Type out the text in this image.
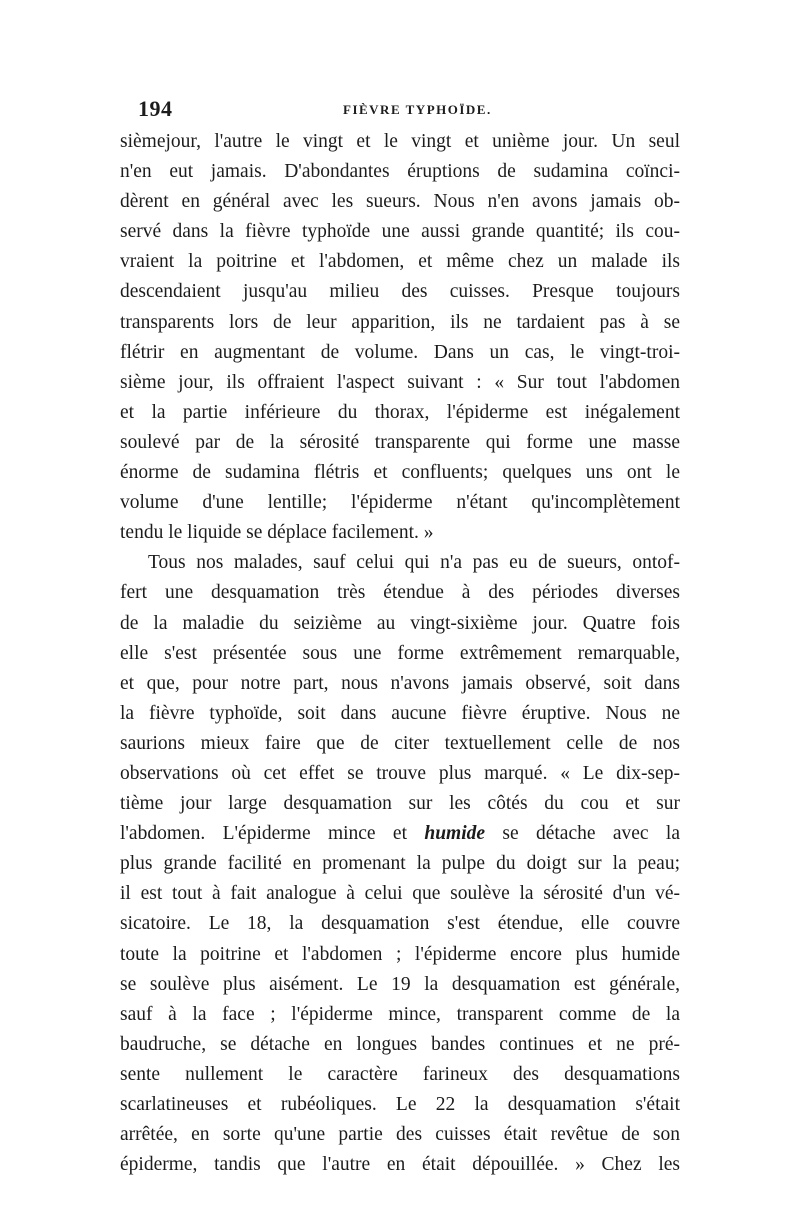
194	FIÈVRE TYPHOÏDE.
sièmejour, l'autre le vingt et le vingt et unième jour. Un seul
n'en eut jamais. D'abondantes éruptions de sudamina coïnci-
dèrent en général avec les sueurs. Nous n'en avons jamais ob-
servé dans la fièvre typhoïde une aussi grande quantité; ils cou-
vraient la poitrine et l'abdomen, et même chez un malade ils
descendaient jusqu'au milieu des cuisses. Presque toujours
transparents lors de leur apparition, ils ne tardaient pas à se
flétrir en augmentant de volume. Dans un cas, le vingt-troi-
sième jour, ils offraient l'aspect suivant : « Sur tout l'abdomen
et la partie inférieure du thorax, l'épiderme est inégalement
soulevé par de la sérosité transparente qui forme une masse
énorme de sudamina flétris et confluents; quelques uns ont le
volume d'une lentille; l'épiderme n'étant qu'incomplètement
tendu le liquide se déplace facilement. »
Tous nos malades, sauf celui qui n'a pas eu de sueurs, ontof-
fert une desquamation très étendue à des périodes diverses
de la maladie du seizième au vingt-sixième jour. Quatre fois
elle s'est présentée sous une forme extrêmement remarquable,
et que, pour notre part, nous n'avons jamais observé, soit dans
la fièvre typhoïde, soit dans aucune fièvre éruptive. Nous ne
saurions mieux faire que de citer textuellement celle de nos
observations où cet effet se trouve plus marqué. « Le dix-sep-
tième jour large desquamation sur les côtés du cou et sur
l'abdomen. L'épiderme mince et humide se détache avec la
plus grande facilité en promenant la pulpe du doigt sur la peau;
il est tout à fait analogue à celui que soulève la sérosité d'un vé-
sicatoire. Le 18, la desquamation s'est étendue, elle couvre
toute la poitrine et l'abdomen ; l'épiderme encore plus humide
se soulève plus aisément. Le 19 la desquamation est générale,
sauf à la face ; l'épiderme mince, transparent comme de la
baudruche, se détache en longues bandes continues et ne pré-
sente nullement le caractère farineux des desquamations
scarlatineuses et rubéoliques. Le 22 la desquamation s'était
arrêtée, en sorte qu'une partie des cuisses était revêtue de son
épiderme, tandis que l'autre en était dépouillée. » Chez les
